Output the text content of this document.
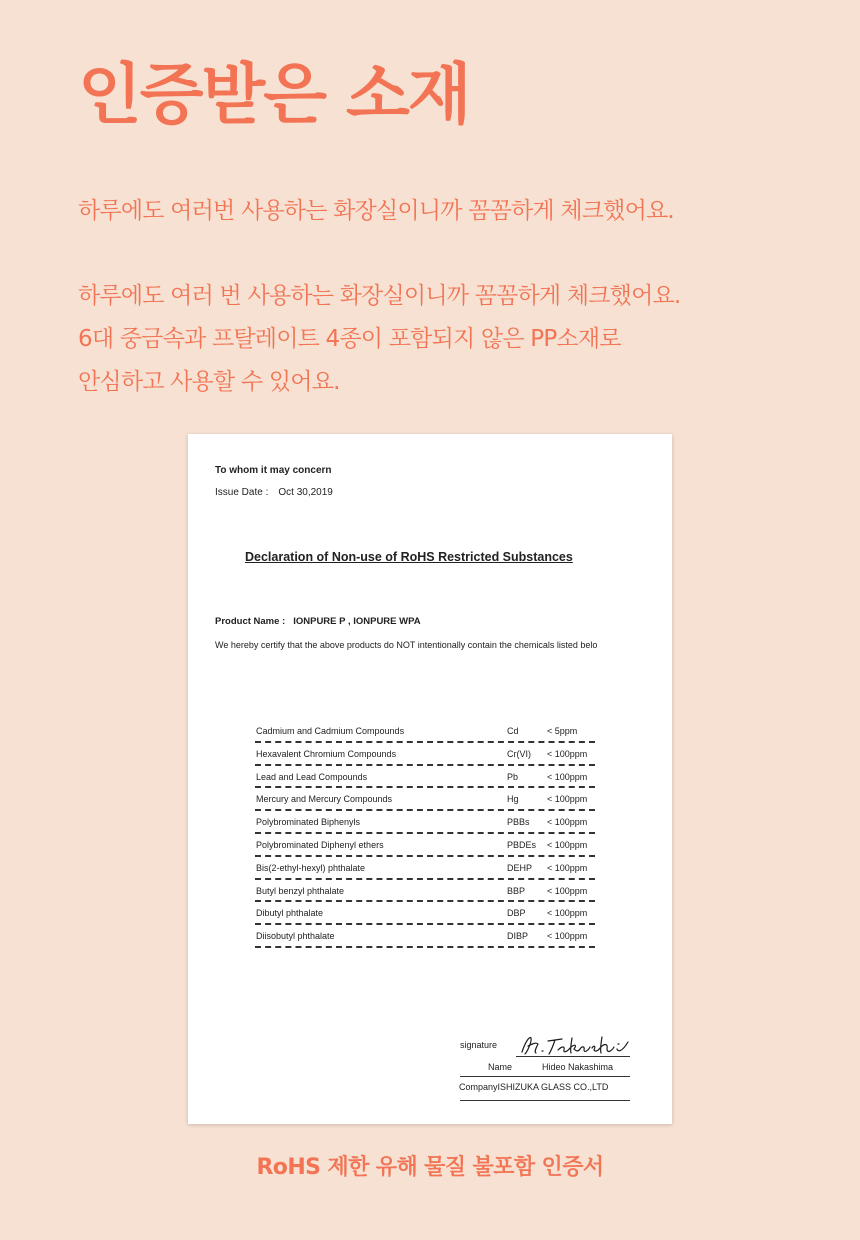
인증받은 소재

하루에도 여러번 사용하는 화장실이니까 꼼꼼하게 체크했어요.

하루에도 여러 번 사용하는 화장실이니까 꼼꼼하게 체크했어요.
6대 중금속과 프탈레이트 4종이 포함되지 않은 PP소재로
안심하고 사용할 수 있어요.

To whom it may concern
Issue Date : Oct 30,2019
Declaration of Non-use of RoHS Restricted Substances
Product Name : IONPURE P , IONPURE WPA
We hereby certify that the above products do NOT intentionally contain the chemicals listed belo
Cadmium and Cadmium Compounds	Cd	< 5ppm
Hexavalent Chromium Compounds	Cr(VI) < 100ppm
Lead and Lead Compounds	Pb	< 100ppm
Mercury and Mercury Compounds	Hg	< 100ppm
Polybrominated Biphenyls	PBBs < 100ppm
Polybrominated Diphenyl ethers	PBDEs < 100ppm
Bis(2-ethyl-hexyl) phthalate	DEHP < 100ppm
Butyl benzyl phthalate	BBP < 100ppm
Dibutyl phthalate	DBP < 100ppm
Diisobutyl phthalate	DIBP < 100ppm
signature
Name	Hideo Nakashima
CompanyISHIZUKA GLASS CO.,LTD

RoHS 제한 유해 물질 불포함 인증서
